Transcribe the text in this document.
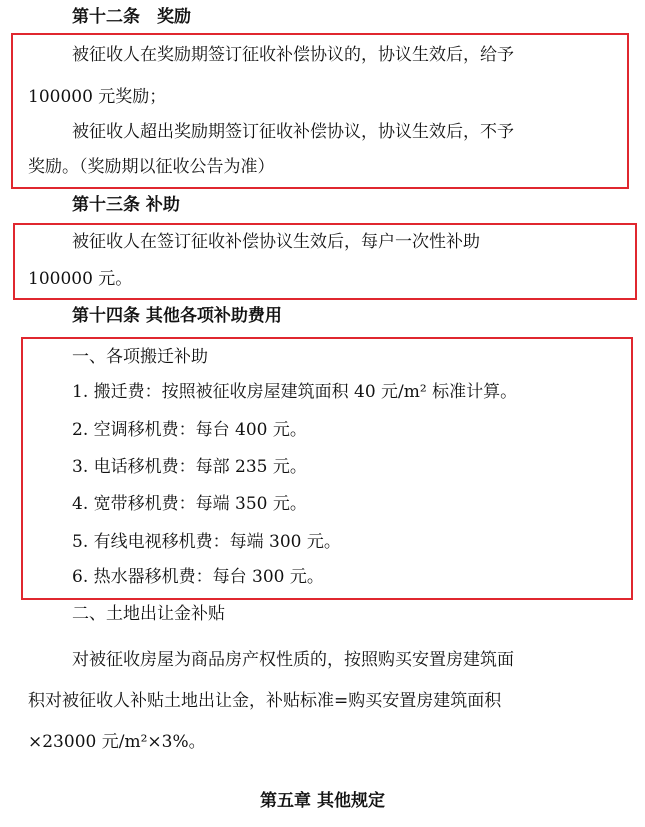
第十二条　奖励
被征收人在奖励期签订征收补偿协议的，协议生效后，给予
100000 元奖励；
被征收人超出奖励期签订征收补偿协议，协议生效后，不予
奖励。（奖励期以征收公告为准）
第十三条 补助
被征收人在签订征收补偿协议生效后，每户一次性补助
100000 元。
第十四条 其他各项补助费用
一、各项搬迁补助
1. 搬迁费：按照被征收房屋建筑面积 40 元/m² 标准计算。
2. 空调移机费：每台 400 元。
3. 电话移机费：每部 235 元。
4. 宽带移机费：每端 350 元。
5. 有线电视移机费：每端 300 元。
6. 热水器移机费：每台 300 元。
二、土地出让金补贴
对被征收房屋为商品房产权性质的，按照购买安置房建筑面
积对被征收人补贴土地出让金，补贴标准=购买安置房建筑面积
×23000 元/m²×3%。
第五章 其他规定
